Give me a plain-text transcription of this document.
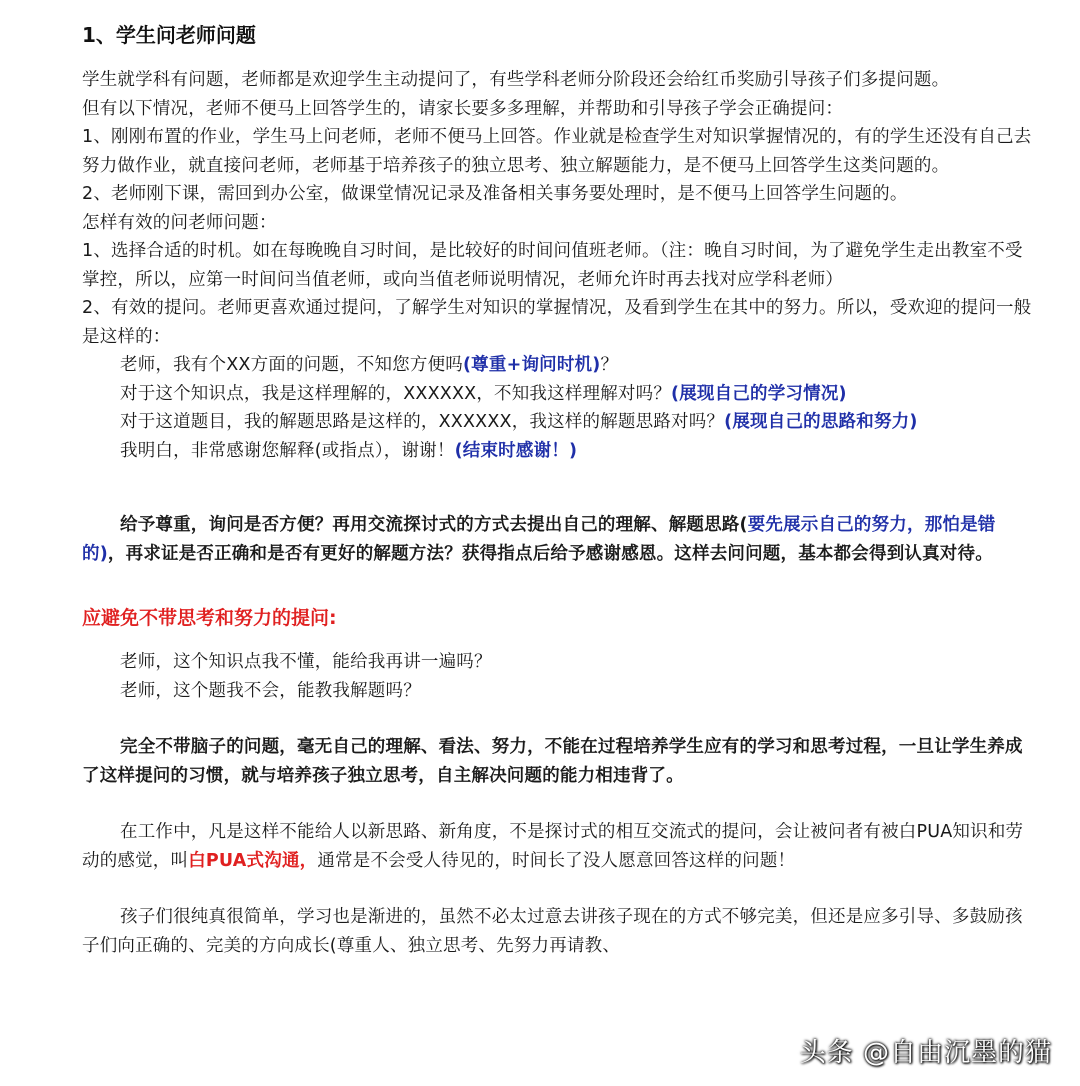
1、学生问老师问题

学生就学科有问题，老师都是欢迎学生主动提问了，有些学科老师分阶段还会给红币奖励引导孩子们多提问题。

但有以下情况，老师不便马上回答学生的，请家长要多多理解，并帮助和引导孩子学会正确提问：

1、刚刚布置的作业，学生马上问老师，老师不便马上回答。作业就是检查学生对知识掌握情况的，有的学生还没有自己去努力做作业，就直接问老师，老师基于培养孩子的独立思考、独立解题能力，是不便马上回答学生这类问题的。

2、老师刚下课，需回到办公室，做课堂情况记录及准备相关事务要处理时，是不便马上回答学生问题的。

怎样有效的问老师问题：

1、选择合适的时机。如在每晚晚自习时间，是比较好的时间问值班老师。（注：晚自习时间，为了避免学生走出教室不受掌控，所以，应第一时间问当值老师，或向当值老师说明情况，老师允许时再去找对应学科老师）

2、有效的提问。老师更喜欢通过提问，了解学生对知识的掌握情况，及看到学生在其中的努力。所以，受欢迎的提问一般是这样的：

老师，我有个XX方面的问题，不知您方便吗(尊重+询问时机)？

对于这个知识点，我是这样理解的，XXXXXX，不知我这样理解对吗？(展现自己的学习情况)

对于这道题目，我的解题思路是这样的，XXXXXX，我这样的解题思路对吗？(展现自己的思路和努力)

我明白，非常感谢您解释(或指点），谢谢！(结束时感谢！)

给予尊重，询问是否方便？再用交流探讨式的方式去提出自己的理解、解题思路(要先展示自己的努力，那怕是错的)，再求证是否正确和是否有更好的解题方法？获得指点后给予感谢感恩。这样去问问题，基本都会得到认真对待。

应避免不带思考和努力的提问:

老师，这个知识点我不懂，能给我再讲一遍吗？

老师，这个题我不会，能教我解题吗？

完全不带脑子的问题，毫无自己的理解、看法、努力，不能在过程培养学生应有的学习和思考过程，一旦让学生养成了这样提问的习惯，就与培养孩子独立思考，自主解决问题的能力相违背了。

在工作中，凡是这样不能给人以新思路、新角度，不是探讨式的相互交流式的提问，会让被问者有被白PUA知识和劳动的感觉，叫白PUA式沟通，通常是不会受人待见的，时间长了没人愿意回答这样的问题！

孩子们很纯真很简单，学习也是渐进的，虽然不必太过意去讲孩子现在的方式不够完美，但还是应多引导、多鼓励孩子们向正确的、完美的方向成长(尊重人、独立思考、先努力再请教、

头条 @自由沉墨的猫
